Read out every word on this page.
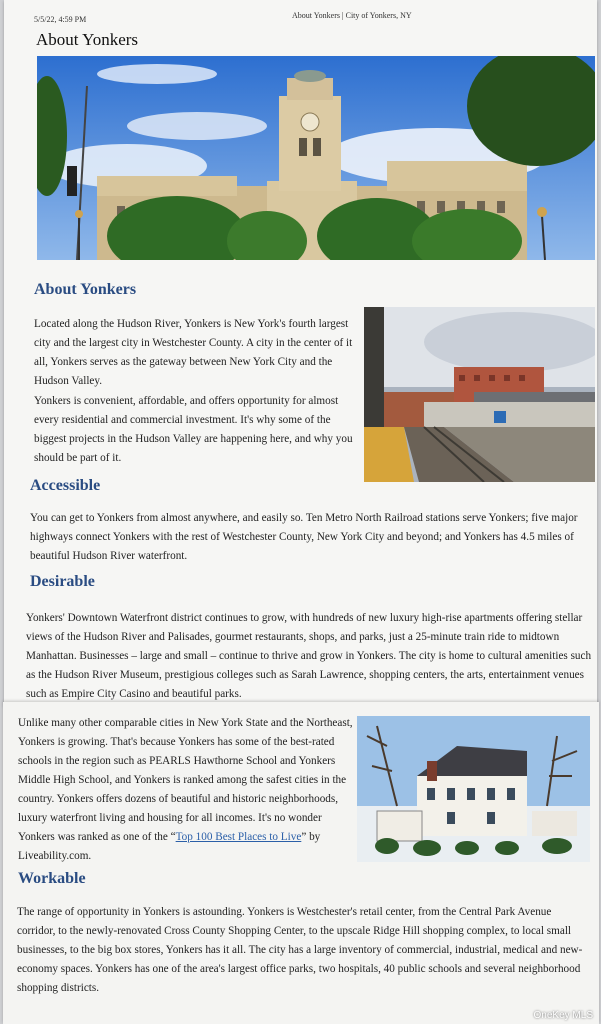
5/5/22, 4:59 PM	About Yonkers | City of Yonkers, NY
About Yonkers
About Yonkers

Located along the Hudson River, Yonkers is New York's fourth largest city and the largest city in Westchester County. A city in the center of it all, Yonkers serves as the gateway between New York City and the Hudson Valley.

Yonkers is convenient, affordable, and offers opportunity for almost every residential and commercial investment. It's why some of the biggest projects in the Hudson Valley are happening here, and why you should be part of it.

Accessible

You can get to Yonkers from almost anywhere, and easily so. Ten Metro North Railroad stations serve Yonkers; five major highways connect Yonkers with the rest of Westchester County, New York City and beyond; and Yonkers has 4.5 miles of beautiful Hudson River waterfront.

Desirable

Yonkers' Downtown Waterfront district continues to grow, with hundreds of new luxury high-rise apartments offering stellar views of the Hudson River and Palisades, gourmet restaurants, shops, and parks, just a 25-minute train ride to midtown Manhattan. Businesses – large and small – continue to thrive and grow in Yonkers. The city is home to cultural amenities such as the Hudson River Museum, prestigious colleges such as Sarah Lawrence, shopping centers, the arts, entertainment venues such as Empire City Casino and beautiful parks.

Unlike many other comparable cities in New York State and the Northeast, Yonkers is growing. That's because Yonkers has some of the best-rated schools in the region such as PEARLS Hawthorne School and Yonkers Middle High School, and Yonkers is ranked among the safest cities in the country. Yonkers offers dozens of beautiful and historic neighborhoods, luxury waterfront living and housing for all incomes. It's no wonder Yonkers was ranked as one of the “Top 100 Best Places to Live” by Liveability.com.

Workable

The range of opportunity in Yonkers is astounding. Yonkers is Westchester's retail center, from the Central Park Avenue corridor, to the newly-renovated Cross County Shopping Center, to the upscale Ridge Hill shopping complex, to local small businesses, to the big box stores, Yonkers has it all. The city has a large inventory of commercial, industrial, medical and new-economy spaces. Yonkers has one of the area's largest office parks, two hospitals, 40 public schools and several neighborhood shopping districts.

OneKey MLS
